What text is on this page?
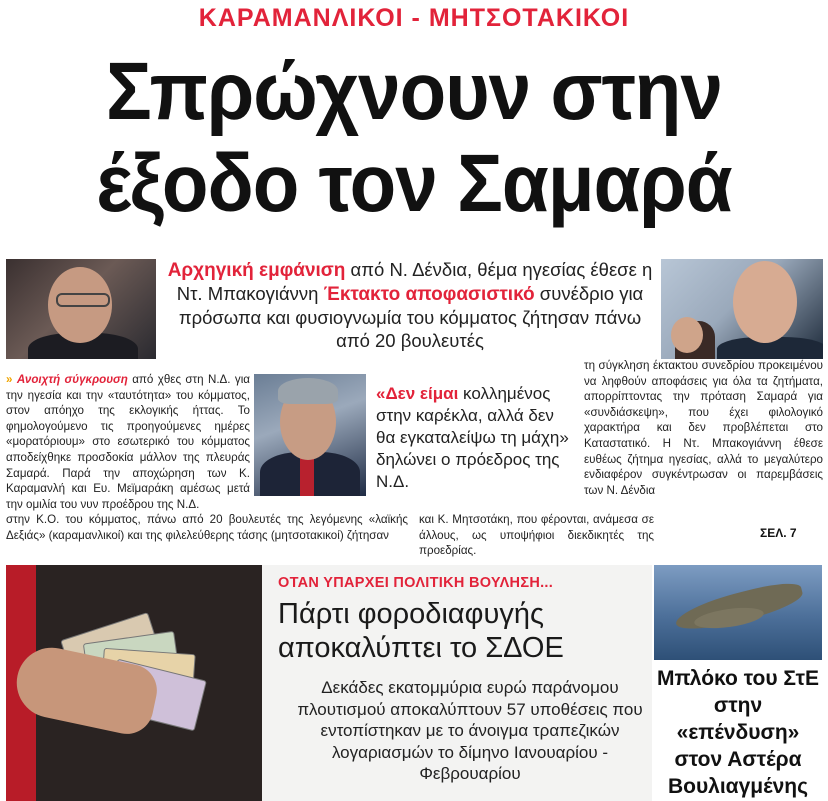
ΚΑΡΑΜΑΝΛΙΚΟΙ - ΜΗΤΣΟΤΑΚΙΚΟΙ
Σπρώχνουν στην
έξοδο τον Σαμαρά
Αρχηγική εμφάνιση από Ν. Δένδια, θέμα ηγεσίας έθεσε η Ντ. Μπακογιάννη Έκτακτο αποφασιστικό συνέδριο για πρόσωπα και φυσιογνωμία του κόμματος ζήτησαν πάνω από 20 βουλευτές
» Ανοιχτή σύγκρουση από χθες στη Ν.Δ. για την ηγεσία και την «ταυτότητα» του κόμματος, στον απόηχο της εκλογικής ήττας. Το φημολογούμενο τις προηγούμενες ημέρες «μορατόριουμ» στο εσωτερικό του κόμματος αποδείχθηκε προσδοκία μάλλον της πλευράς Σαμαρά. Παρά την αποχώρηση των Κ. Καραμανλή και Ευ. Μεϊμαράκη αμέσως μετά την ομιλία του νυν προέδρου της Ν.Δ.
στην Κ.Ο. του κόμματος, πάνω από 20 βουλευτές της λεγόμενης «λαϊκής Δεξιάς» (καραμανλικοί) και της φιλελεύθερης τάσης (μητσοτακικοί) ζήτησαν
«Δεν είμαι κολλημένος στην καρέκλα, αλλά δεν θα εγκαταλείψω τη μάχη» δηλώνει ο πρόεδρος της Ν.Δ.
τη σύγκληση έκτακτου συνεδρίου προκειμένου να ληφθούν αποφάσεις για όλα τα ζητήματα, απορρίπτοντας την πρόταση Σαμαρά για «συνδιάσκεψη», που έχει φιλολογικό χαρακτήρα και δεν προβλέπεται στο Καταστατικό. Η Ντ. Μπακογιάννη έθεσε ευθέως ζήτημα ηγεσίας, αλλά το μεγαλύτερο ενδιαφέρον συγκέντρωσαν οι παρεμβάσεις των Ν. Δένδια
και Κ. Μητσοτάκη, που φέρονται, ανάμεσα σε άλλους, ως υποψήφιοι διεκδικητές της προεδρίας.
ΣΕΛ. 7
ΟΤΑΝ ΥΠΑΡΧΕΙ ΠΟΛΙΤΙΚΗ ΒΟΥΛΗΣΗ...
Πάρτι φοροδιαφυγής αποκαλύπτει το ΣΔΟΕ
Δεκάδες εκατομμύρια ευρώ παράνομου πλουτισμού αποκαλύπτουν 57 υποθέσεις που εντοπίστηκαν με το άνοιγμα τραπεζικών λογαριασμών το δίμηνο Ιανουαρίου - Φεβρουαρίου
Μπλόκο του ΣτΕ στην «επένδυση» στον Αστέρα Βουλιαγμένης
